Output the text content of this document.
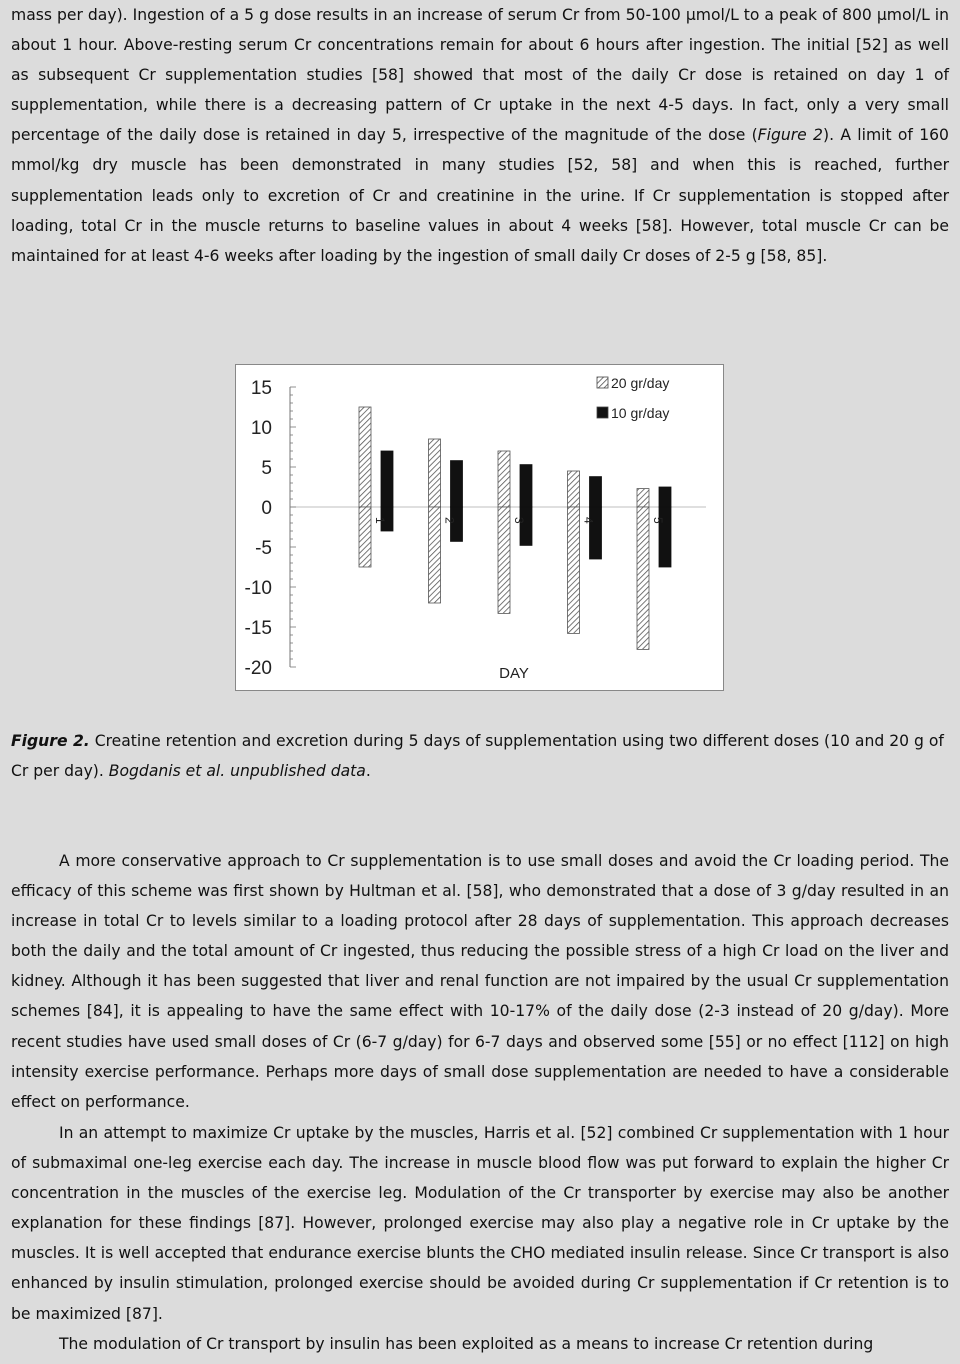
mass per day). Ingestion of a 5 g dose results in an increase of serum Cr from 50-100 μmol/L to a peak of 800 μmol/L in about 1 hour. Above-resting serum Cr concentrations remain for about 6 hours after ingestion. The initial [52] as well as subsequent Cr supplementation studies [58] showed that most of the daily Cr dose is retained on day 1 of supplementation, while there is a decreasing pattern of Cr uptake in the next 4-5 days. In fact, only a very small percentage of the daily dose is retained in day 5, irrespective of the magnitude of the dose (Figure 2). A limit of 160 mmol/kg dry muscle has been demonstrated in many studies [52, 58] and when this is reached, further supplementation leads only to excretion of Cr and creatinine in the urine. If Cr supplementation is stopped after loading, total Cr in the muscle returns to baseline values in about 4 weeks [58]. However, total muscle Cr can be maintained for at least 4-6 weeks after loading by the ingestion of small daily Cr doses of 2-5 g [58, 85].

15
10
5
0
-5
-10
-15
-20
1	2	3	4	5
DAY
20 gr/day
10 gr/day

Figure 2. Creatine retention and excretion during 5 days of supplementation using two different doses (10 and 20 g of Cr per day). Bogdanis et al. unpublished data.

A more conservative approach to Cr supplementation is to use small doses and avoid the Cr loading period. The efficacy of this scheme was first shown by Hultman et al. [58], who demonstrated that a dose of 3 g/day resulted in an increase in total Cr to levels similar to a loading protocol after 28 days of supplementation. This approach decreases both the daily and the total amount of Cr ingested, thus reducing the possible stress of a high Cr load on the liver and kidney. Although it has been suggested that liver and renal function are not impaired by the usual Cr supplementation schemes [84], it is appealing to have the same effect with 10-17% of the daily dose (2-3 instead of 20 g/day). More recent studies have used small doses of Cr (6-7 g/day) for 6-7 days and observed some [55] or no effect [112] on high intensity exercise performance. Perhaps more days of small dose supplementation are needed to have a considerable effect on performance.

In an attempt to maximize Cr uptake by the muscles, Harris et al. [52] combined Cr supplementation with 1 hour of submaximal one-leg exercise each day. The increase in muscle blood flow was put forward to explain the higher Cr concentration in the muscles of the exercise leg. Modulation of the Cr transporter by exercise may also be another explanation for these findings [87]. However, prolonged exercise may also play a negative role in Cr uptake by the muscles. It is well accepted that endurance exercise blunts the CHO mediated insulin release. Since Cr transport is also enhanced by insulin stimulation, prolonged exercise should be avoided during Cr supplementation if Cr retention is to be maximized [87].

The modulation of Cr transport by insulin has been exploited as a means to increase Cr retention during
